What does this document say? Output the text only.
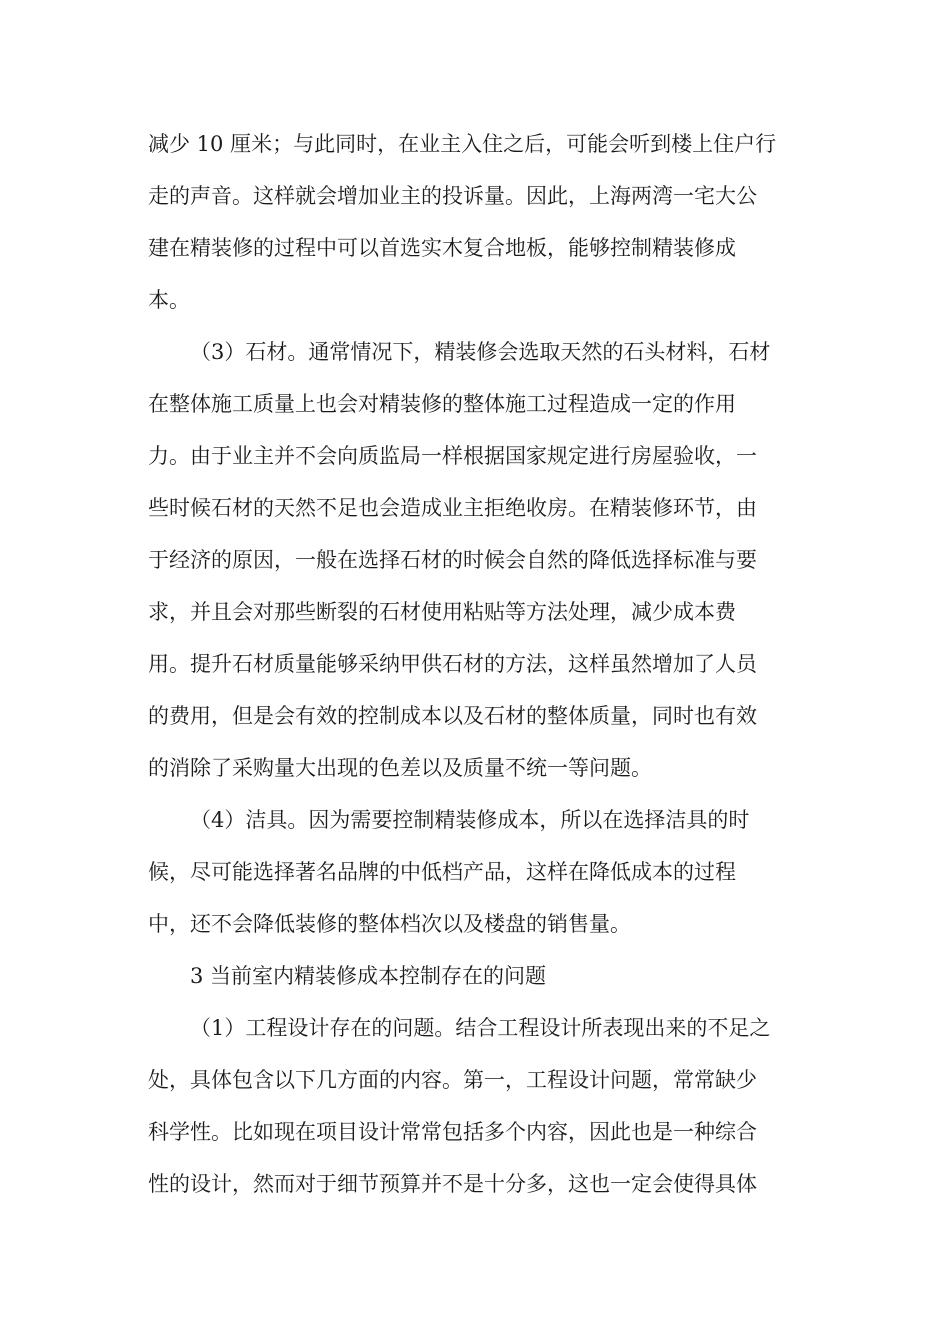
减少 10 厘米；与此同时，在业主入住之后，可能会听到楼上住户行
走的声音。这样就会增加业主的投诉量。因此，上海两湾一宅大公
建在精装修的过程中可以首选实木复合地板，能够控制精装修成
本。
（3）石材。通常情况下，精装修会选取天然的石头材料，石材
在整体施工质量上也会对精装修的整体施工过程造成一定的作用
力。由于业主并不会向质监局一样根据国家规定进行房屋验收，一
些时候石材的天然不足也会造成业主拒绝收房。在精装修环节，由
于经济的原因，一般在选择石材的时候会自然的降低选择标准与要
求，并且会对那些断裂的石材使用粘贴等方法处理，减少成本费
用。提升石材质量能够采纳甲供石材的方法，这样虽然增加了人员
的费用，但是会有效的控制成本以及石材的整体质量，同时也有效
的消除了采购量大出现的色差以及质量不统一等问题。
（4）洁具。因为需要控制精装修成本，所以在选择洁具的时
候，尽可能选择著名品牌的中低档产品，这样在降低成本的过程
中，还不会降低装修的整体档次以及楼盘的销售量。
3 当前室内精装修成本控制存在的问题
（1）工程设计存在的问题。结合工程设计所表现出来的不足之
处，具体包含以下几方面的内容。第一，工程设计问题，常常缺少
科学性。比如现在项目设计常常包括多个内容，因此也是一种综合
性的设计，然而对于细节预算并不是十分多，这也一定会使得具体
